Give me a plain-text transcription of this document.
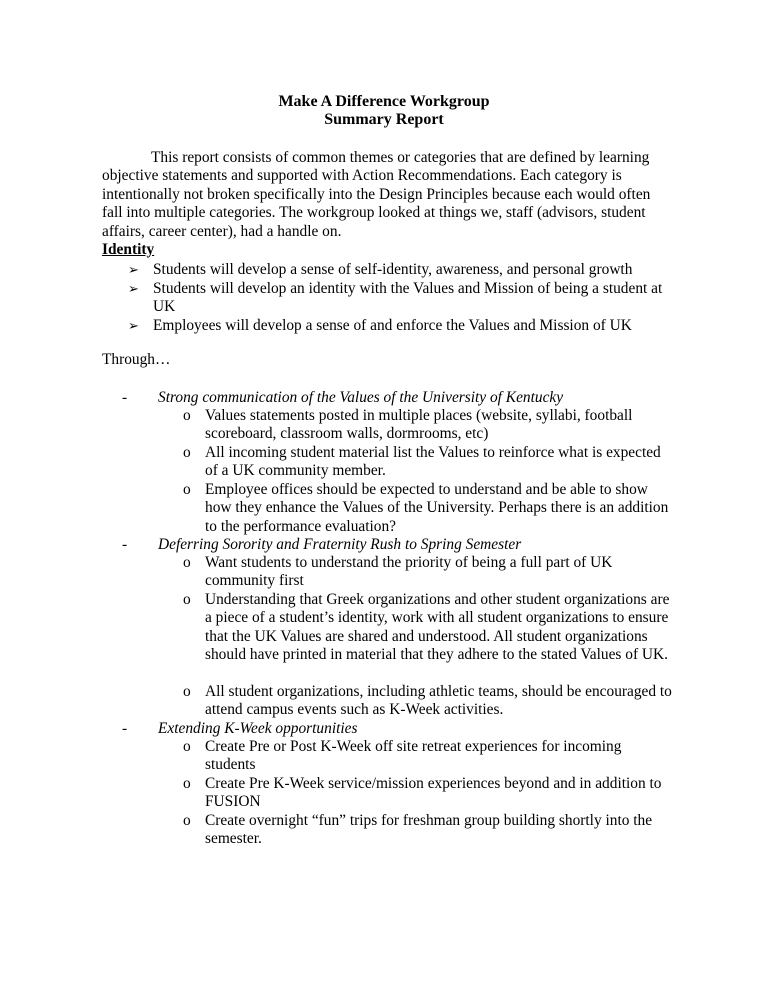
Make A Difference Workgroup
Summary Report

This report consists of common themes or categories that are defined by learning objective statements and supported with Action Recommendations. Each category is intentionally not broken specifically into the Design Principles because each would often fall into multiple categories. The workgroup looked at things we, staff (advisors, student affairs, career center), had a handle on.

Identity
➢ Students will develop a sense of self-identity, awareness, and personal growth
➢ Students will develop an identity with the Values and Mission of being a student at UK
➢ Employees will develop a sense of and enforce the Values and Mission of UK
Through…
- Strong communication of the Values of the University of Kentucky
o Values statements posted in multiple places (website, syllabi, football scoreboard, classroom walls, dormrooms, etc)
o All incoming student material list the Values to reinforce what is expected of a UK community member.
o Employee offices should be expected to understand and be able to show how they enhance the Values of the University. Perhaps there is an addition to the performance evaluation?
- Deferring Sorority and Fraternity Rush to Spring Semester
o Want students to understand the priority of being a full part of UK community first
o Understanding that Greek organizations and other student organizations are a piece of a student’s identity, work with all student organizations to ensure that the UK Values are shared and understood. All student organizations should have printed in material that they adhere to the stated Values of UK.
o All student organizations, including athletic teams, should be encouraged to attend campus events such as K-Week activities.
- Extending K-Week opportunities
o Create Pre or Post K-Week off site retreat experiences for incoming students
o Create Pre K-Week service/mission experiences beyond and in addition to FUSION
o Create overnight “fun” trips for freshman group building shortly into the semester.
